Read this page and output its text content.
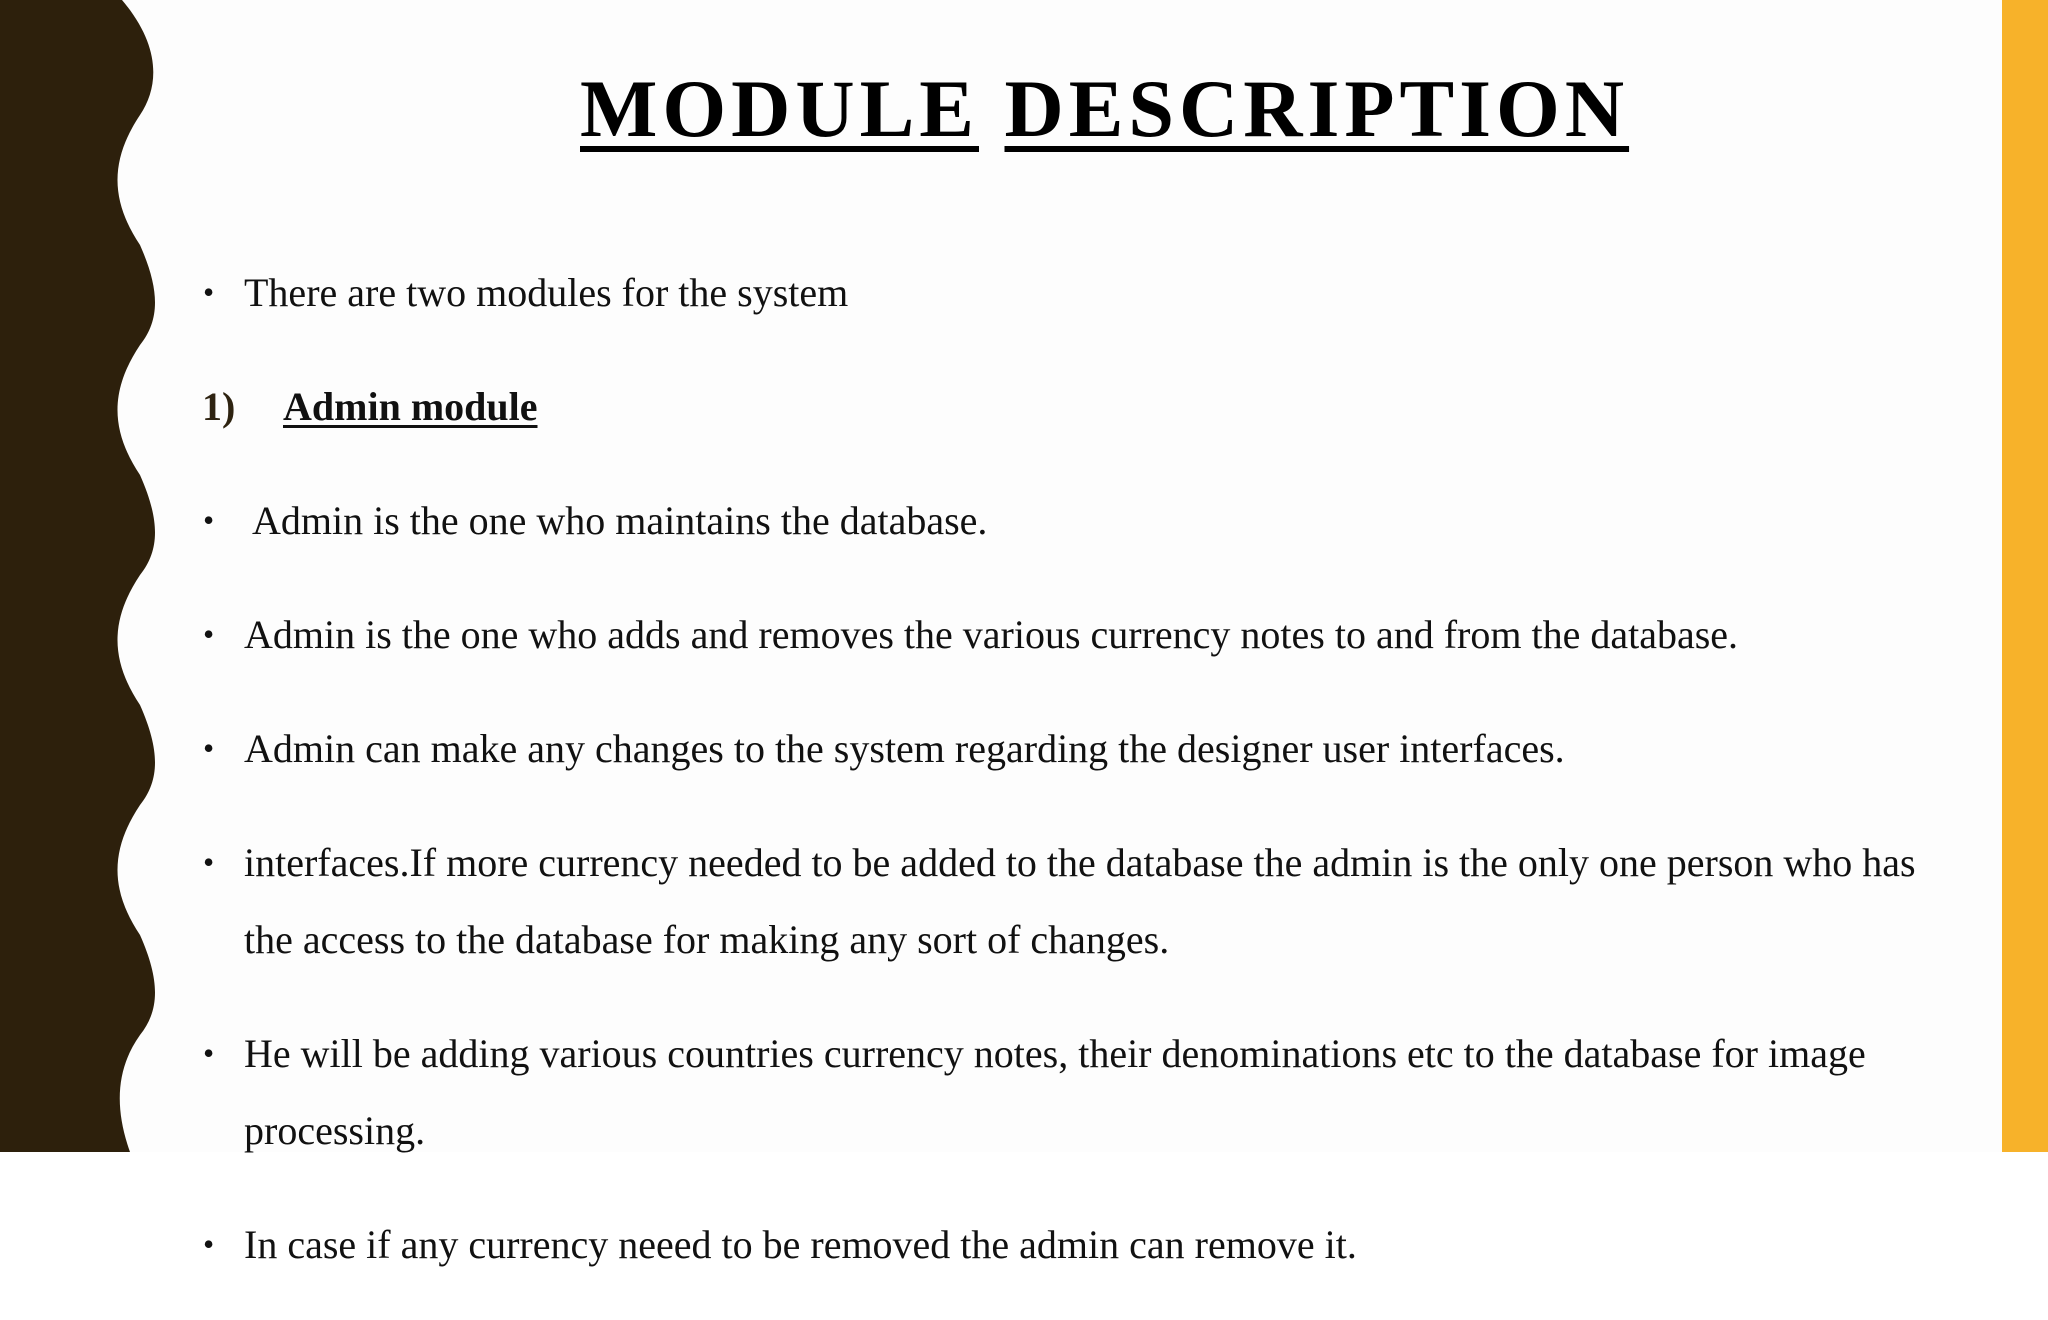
MODULE DESCRIPTION
• There are two modules for the system
1) Admin module
• Admin is the one who maintains the database.
• Admin is the one who adds and removes the various currency notes to and from the database.
• Admin can make any changes to the system regarding the designer user interfaces.
• interfaces.If more currency needed to be added to the database the admin is the only one person who has the access to the database for making any sort of changes.
• He will be adding various countries currency notes, their denominations etc to the database for image processing.
• In case if any currency neeed to be removed the admin can remove it.
